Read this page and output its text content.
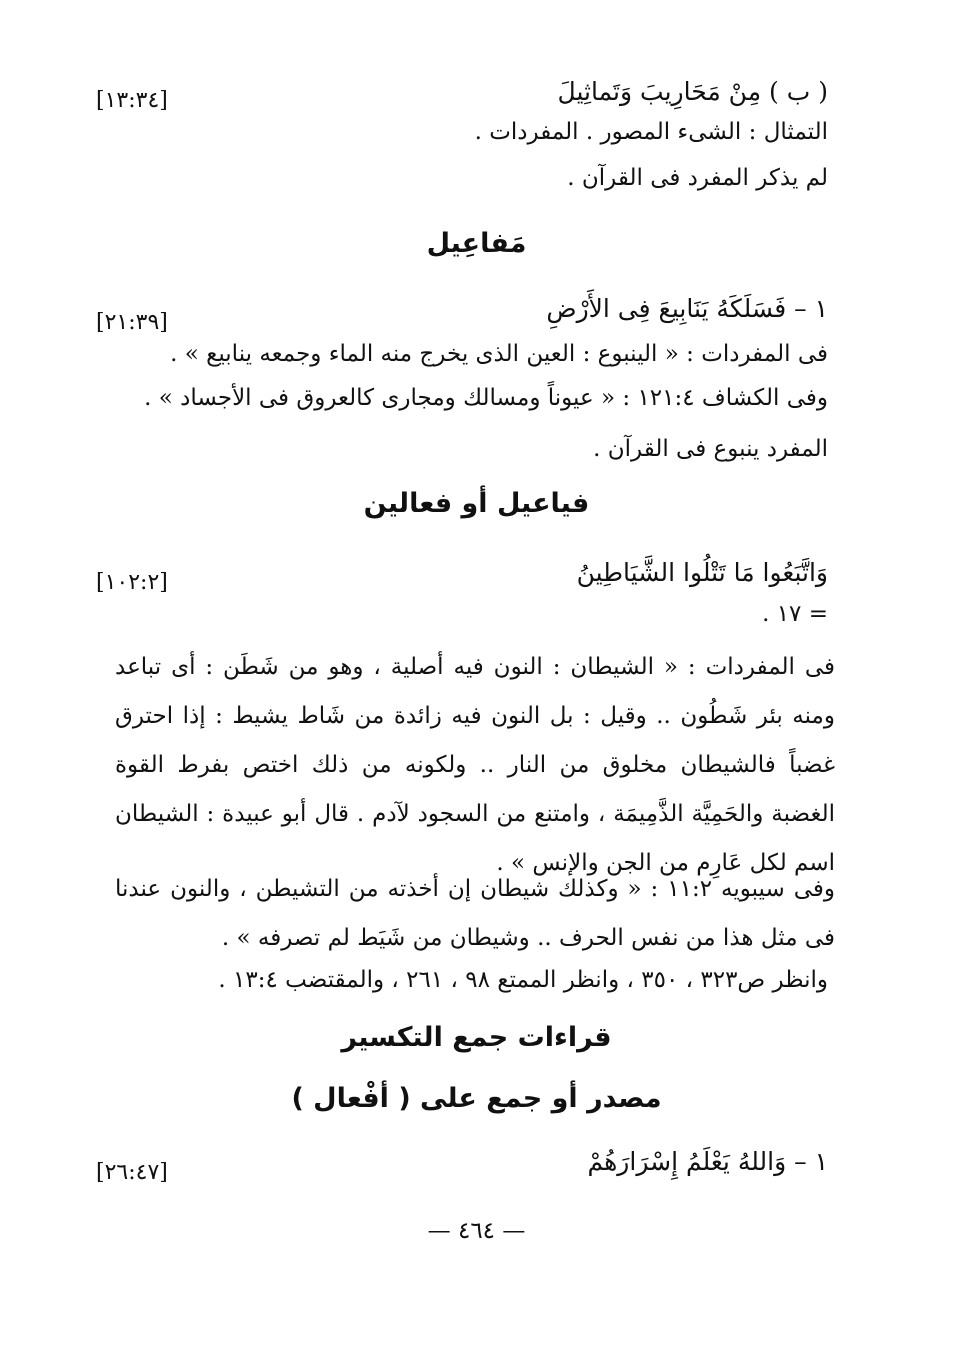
[١٣:٣٤]	( ب ) مِنْ مَحَارِيبَ وَتَماثِيلَ
التمثال : الشىء المصور . المفردات .
لم يذكر المفرد فى القرآن .
مَفاعِيل
[٢١:٣٩]	١ – فَسَلَكَهُ يَنَابِيعَ فِى الأَرْضِ
فى المفردات : « الينبوع : العين الذى يخرج منه الماء وجمعه ينابيع » .
وفى الكشاف ١٢١:٤ : « عيوناً ومسالك ومجارى كالعروق فى الأجساد » .
المفرد ينبوع فى القرآن .
فياعيل أو فعالين
[١٠٢:٢]	وَاتَّبَعُوا مَا تَتْلُوا الشَّيَاطِينُ
= ١٧ .
فى المفردات : « الشيطان : النون فيه أصلية ، وهو من شَطَن : أى تباعد ومنه بئر شَطُون .. وقيل : بل النون فيه زائدة من شَاط يشيط : إذا احترق غضباً فالشيطان مخلوق من النار .. ولكونه من ذلك اختص بفرط القوة الغضبة والحَمِيَّة الذَّمِيمَة ، وامتنع من السجود لآدم . قال أبو عبيدة : الشيطان اسم لكل عَارِم من الجن والإنس » .
وفى سيبويه ١١:٢ : « وكذلك شيطان إن أخذته من التشيطن ، والنون عندنا فى مثل هذا من نفس الحرف .. وشيطان من شَيَط لم تصرفه » .
وانظر ص٣٢٣ ، ٣٥٠ ، وانظر الممتع ٩٨ ، ٢٦١ ، والمقتضب ١٣:٤ .
قراءات جمع التكسير
مصدر أو جمع على ( أفْعال )
[٢٦:٤٧]	١ – وَاللهُ يَعْلَمُ إِسْرَارَهُمْ
— ٤٦٤ —
